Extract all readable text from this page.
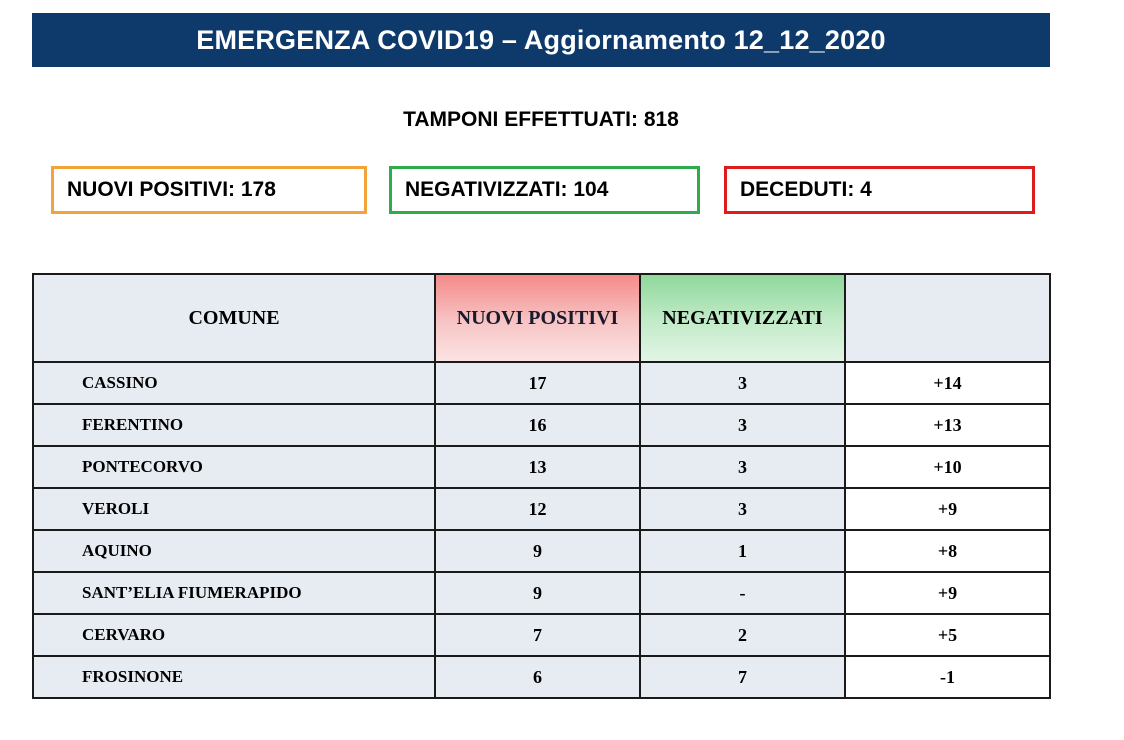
EMERGENZA COVID19 – Aggiornamento 12_12_2020
TAMPONI EFFETTUATI: 818
NUOVI POSITIVI: 178	NEGATIVIZZATI: 104	DECEDUTI: 4
COMUNE	NUOVI POSITIVI	NEGATIVIZZATI	
CASSINO	17	3	+14
FERENTINO	16	3	+13
PONTECORVO	13	3	+10
VEROLI	12	3	+9
AQUINO	9	1	+8
SANT’ELIA FIUMERAPIDO	9	-	+9
CERVARO	7	2	+5
FROSINONE	6	7	-1
